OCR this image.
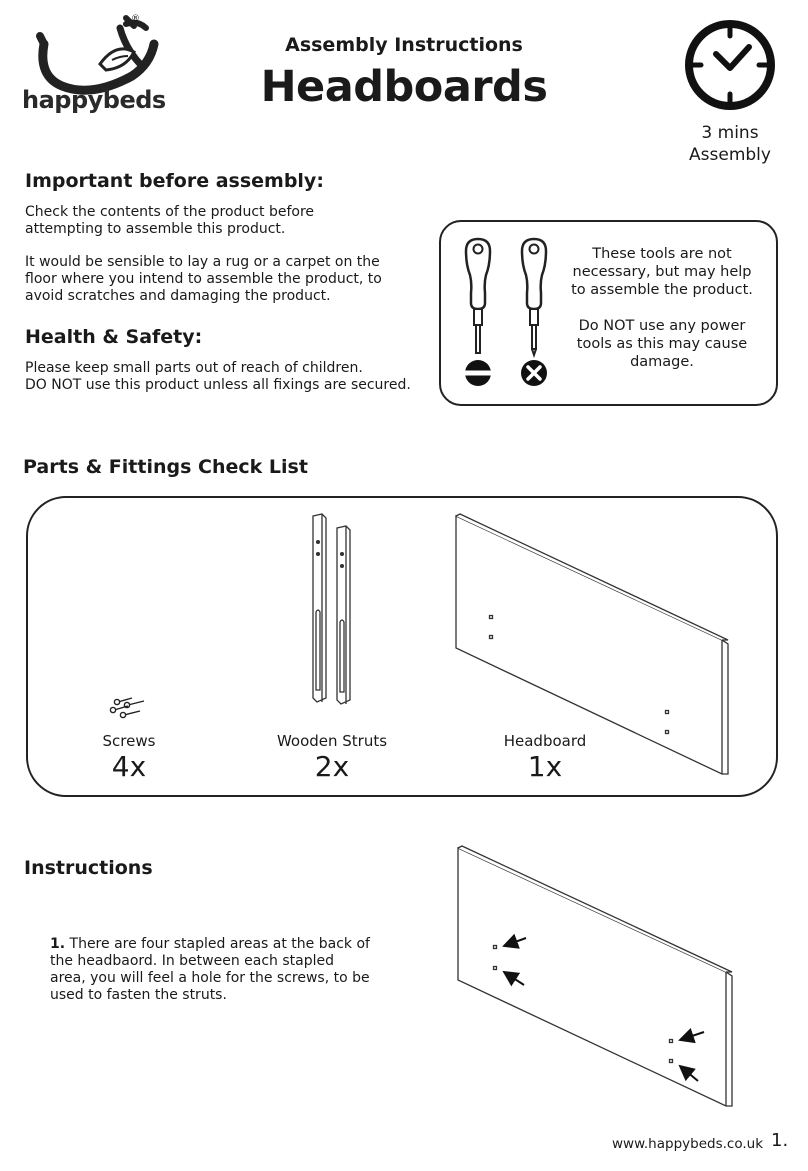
happybeds
®
Assembly Instructions
Headboards
3 mins
Assembly
Important before assembly:
Check the contents of the product before
attempting to assemble this product.
It would be sensible to lay a rug or a carpet on the
floor where you intend to assemble the product, to
avoid scratches and damaging the product.
Health & Safety:
Please keep small parts out of reach of children.
DO NOT use this product unless all fixings are secured.
These tools are not
necessary, but may help
to assemble the product.
Do NOT use any power
tools as this may cause
damage.
Parts & Fittings Check List
Screws
4x
Wooden Struts
2x
Headboard
1x
Instructions
1. There are four stapled areas at the back of
the headbaord. In between each stapled
area, you will feel a hole for the screws, to be
used to fasten the struts.
www.happybeds.co.uk 1.
